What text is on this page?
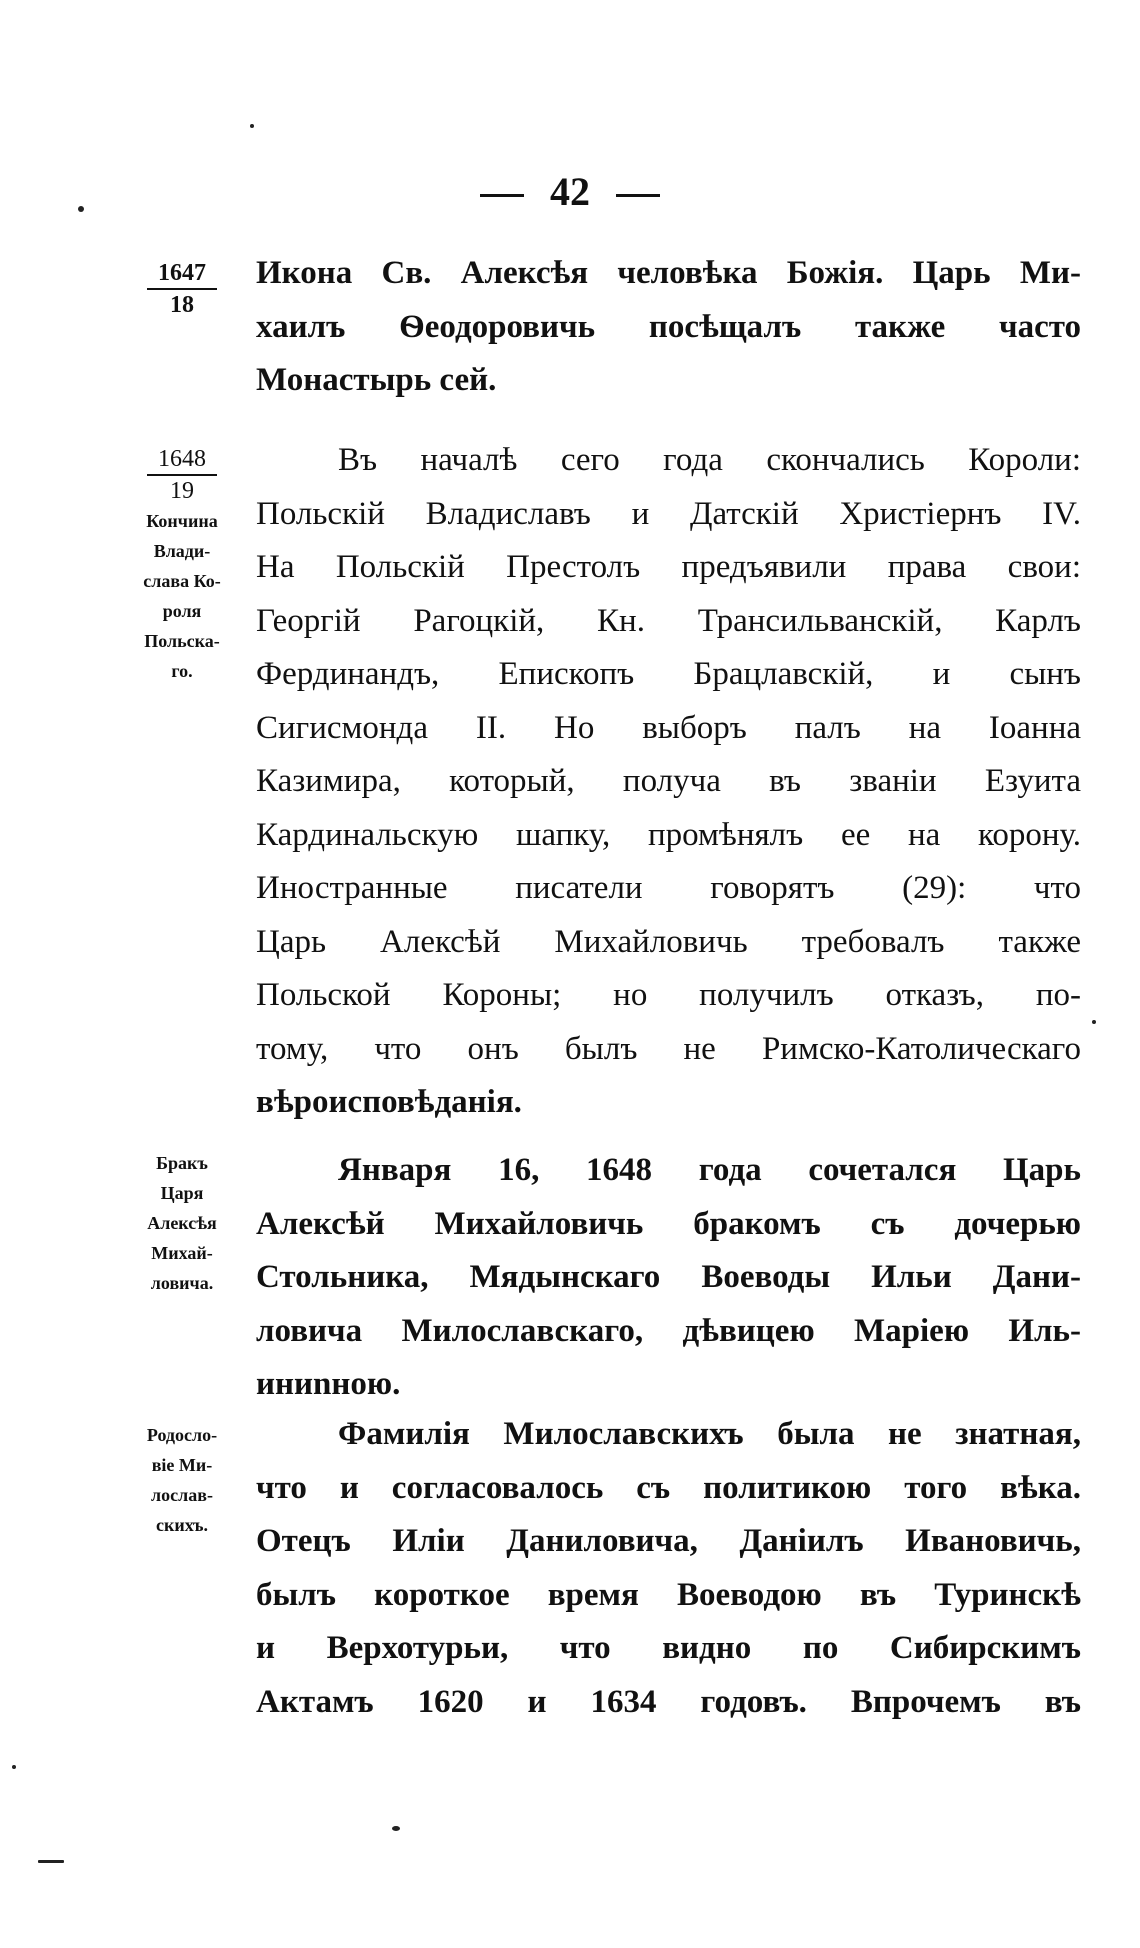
42
1647
18
Икона Св. Алексѣя человѣка Божія. Царь Ми-
хаилъ Ѳеодоровичь посѣщалъ также часто
Монастырь сей.
1648
19
Кончина
Влади-
слава Ко-
роля
Польска-
го.
Въ началѣ сего года скончались Короли:
Польскій Владиславъ и Датскій Христіернъ IV.
На Польскій Престолъ предъявили права свои:
Георгій Рагоцкій, Кн. Трансильванскій, Карлъ
Фердинандъ, Епископъ Брацлавскій, и сынъ
Сигисмонда II. Но выборъ палъ на Іоанна
Казимира, который, получа въ званіи Езуита
Кардинальскую шапку, промѣнялъ ее на корону.
Иностранные писатели говорятъ (29): что
Царь Алексѣй Михайловичь требовалъ также
Польской Короны; но получилъ отказъ, по-
тому, что онъ былъ не Римско-Католическаго
вѣроисповѣданія.
Бракъ
Царя
Алексѣя
Михай-
ловича.
Января 16, 1648 года сочетался Царь
Алексѣй Михайловичь бракомъ съ дочерью
Стольника, Мядынскаго Воеводы Ильи Дани-
ловича Милославскаго, дѣвицею Маріею Иль-
иниnною.
Родосло-
віе Ми-
лослав-
скихъ.
Фамилія Милославскихъ была не знатная,
что и согласовалось съ политикою того вѣка.
Отецъ Иліи Даниловича, Даніилъ Ивановичь,
былъ короткое время Воеводою въ Туринскѣ
и Верхотурьи, что видно по Сибирскимъ
Актамъ 1620 и 1634 годовъ. Впрочемъ въ
